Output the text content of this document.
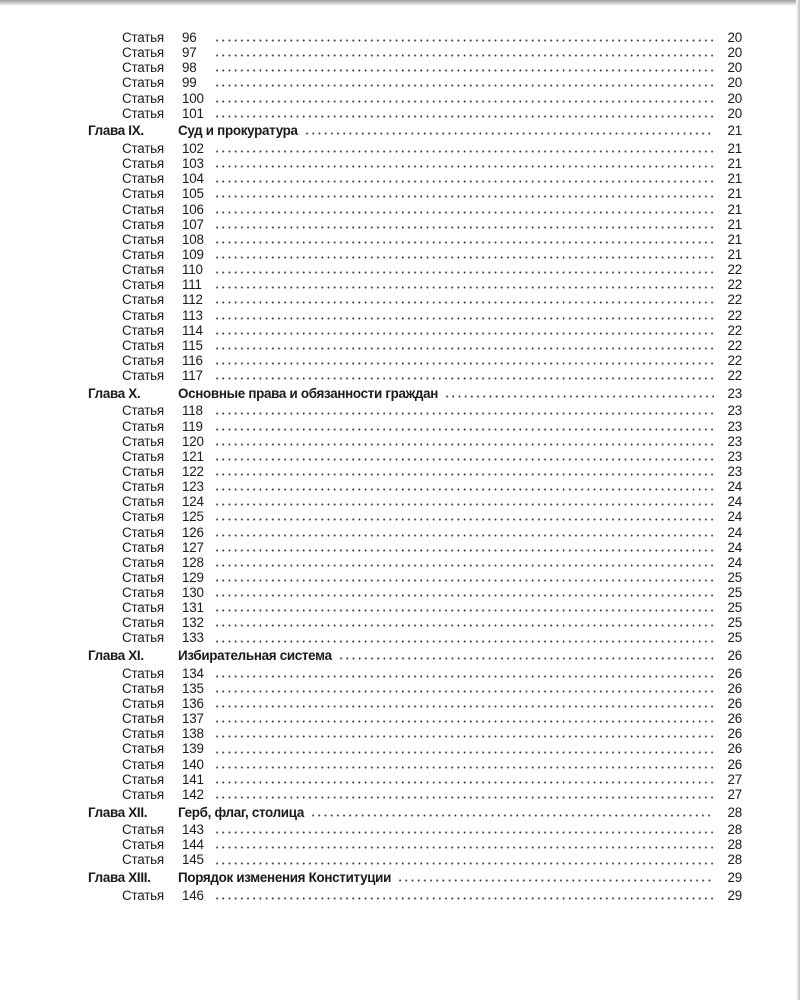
Статья	96	20
Статья	97	20
Статья	98	20
Статья	99	20
Статья	100	20
Статья	101	20
Глава IX.	Суд и прокуратура	21
Статья	102	21
Статья	103	21
Статья	104	21
Статья	105	21
Статья	106	21
Статья	107	21
Статья	108	21
Статья	109	21
Статья	110	22
Статья	111	22
Статья	112	22
Статья	113	22
Статья	114	22
Статья	115	22
Статья	116	22
Статья	117	22
Глава X.	Основные права и обязанности граждан	23
Статья	118	23
Статья	119	23
Статья	120	23
Статья	121	23
Статья	122	23
Статья	123	24
Статья	124	24
Статья	125	24
Статья	126	24
Статья	127	24
Статья	128	24
Статья	129	25
Статья	130	25
Статья	131	25
Статья	132	25
Статья	133	25
Глава XI.	Избирательная система	26
Статья	134	26
Статья	135	26
Статья	136	26
Статья	137	26
Статья	138	26
Статья	139	26
Статья	140	26
Статья	141	27
Статья	142	27
Глава XII.	Герб, флаг, столица	28
Статья	143	28
Статья	144	28
Статья	145	28
Глава XIII.	Порядок изменения Конституции	29
Статья	146	29
